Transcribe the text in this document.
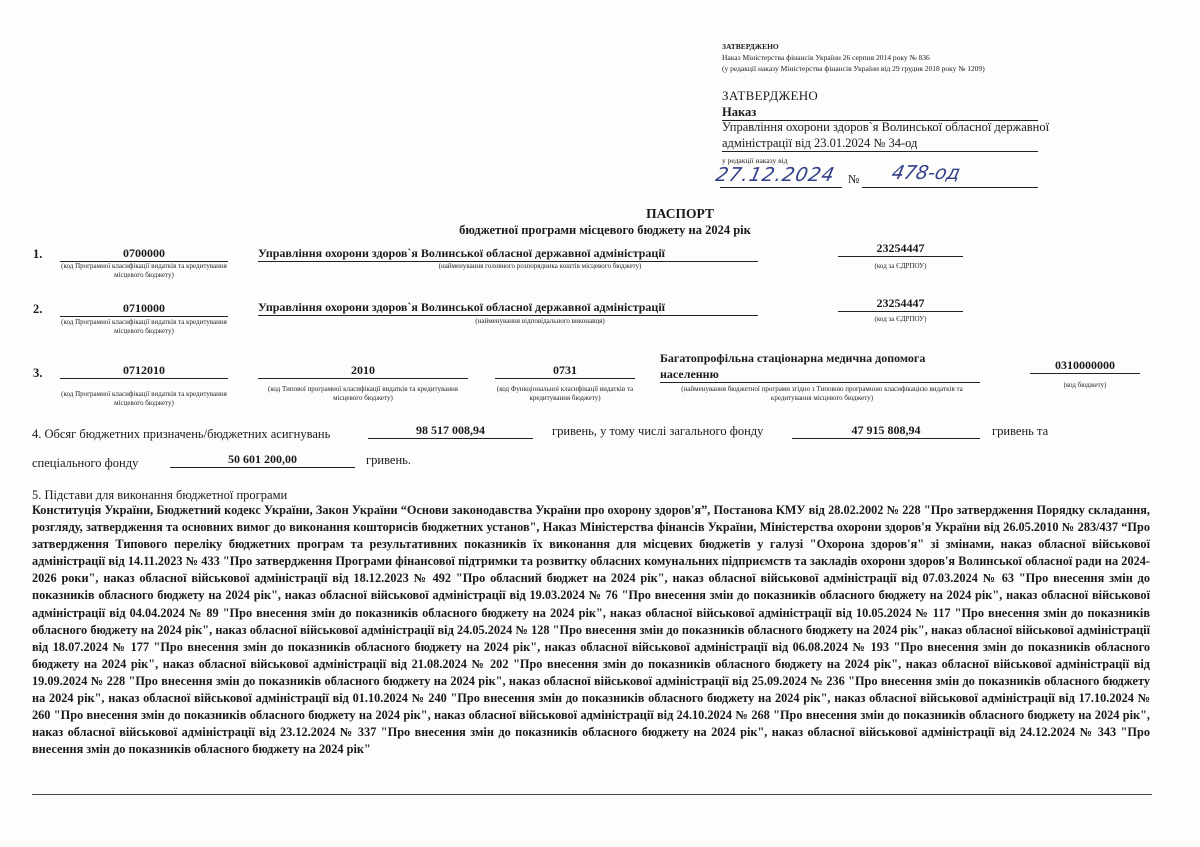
ЗАТВЕРДЖЕНО
Наказ Міністерства фінансів України 26 серпня 2014 року № 836
(у редакції наказу Міністерства фінансів України від 29 грудня 2018 року № 1209)
ЗАТВЕРДЖЕНО
Наказ
Управління охорони здоров`я Волинської обласної державної
адміністрації від 23.01.2024 № 34-од
у редакції наказу від
27.12.2024 №	478-од
ПАСПОРТ
бюджетної програми місцевого бюджету на 2024 рік
1.	0700000
(код Програмної класифікації видатків та кредитування місцевого бюджету)
Управління охорони здоров`я Волинської обласної державної адміністрації
(найменування головного розпорядника коштів місцевого бюджету)
23254447
(код за ЄДРПОУ)
2.	0710000
(код Програмної класифікації видатків та кредитування місцевого бюджету)
Управління охорони здоров`я Волинської обласної державної адміністрації
(найменування відповідального виконавця)
23254447
(код за ЄДРПОУ)
3.	0712010
(код Програмної класифікації видатків та кредитування місцевого бюджету)
2010
(код Типової програмної класифікації видатків та кредитування місцевого бюджету)
0731
(код Функціональної класифікації видатків та кредитування бюджету)
Багатопрофільна стаціонарна медична допомога
населенню
(найменування бюджетної програми згідно з Типовою програмною класифікацією видатків та кредитування місцевого бюджету)
0310000000
(код бюджету)
4. Обсяг бюджетних призначень/бюджетних асигнувань	98 517 008,94	гривень, у тому числі загального фонду	47 915 808,94	гривень та
спеціального фонду	50 601 200,00	гривень.
5. Підстави для виконання бюджетної програми
Конституція України, Бюджетний кодекс України, Закон України “Основи законодавства України про охорону здоров'я”, Постанова КМУ від 28.02.2002 № 228 "Про затвердження Порядку складання, розгляду, затвердження та основних вимог до виконання кошторисів бюджетних установ", Наказ Міністерства фінансів України, Міністерства охорони здоров'я України від 26.05.2010 № 283/437 “Про затвердження Типового переліку бюджетних програм та результативних показників їх виконання для місцевих бюджетів у галузі "Охорона здоров'я" зі змінами, наказ обласної військової адміністрації від 14.11.2023 № 433 "Про затвердження Програми фінансової підтримки та розвитку обласних комунальних підприємств та закладів охорони здоров'я Волинської обласної ради на 2024-2026 роки", наказ обласної військової адміністрації від 18.12.2023 № 492 "Про обласний бюджет на 2024 рік", наказ обласної військової адміністрації від 07.03.2024 № 63 "Про внесення змін до показників обласного бюджету на 2024 рік", наказ обласної військової адміністрації від 19.03.2024 № 76 "Про внесення змін до показників обласного бюджету на 2024 рік", наказ обласної військової адміністрації від 04.04.2024 № 89 "Про внесення змін до показників обласного бюджету на 2024 рік", наказ обласної військової адміністрації від 10.05.2024 № 117 "Про внесення змін до показників обласного бюджету на 2024 рік", наказ обласної військової адміністрації від 24.05.2024 № 128 "Про внесення змін до показників обласного бюджету на 2024 рік", наказ обласної військової адміністрації від 18.07.2024 № 177 "Про внесення змін до показників обласного бюджету на 2024 рік", наказ обласної військової адміністрації від 06.08.2024 № 193 "Про внесення змін до показників обласного бюджету на 2024 рік", наказ обласної військової адміністрації від 21.08.2024 № 202 "Про внесення змін до показників обласного бюджету на 2024 рік", наказ обласної військової адміністрації від 19.09.2024 № 228 "Про внесення змін до показників обласного бюджету на 2024 рік", наказ обласної військової адміністрації від 25.09.2024 № 236 "Про внесення змін до показників обласного бюджету на 2024 рік", наказ обласної військової адміністрації від 01.10.2024 № 240 "Про внесення змін до показників обласного бюджету на 2024 рік", наказ обласної військової адміністрації від 17.10.2024 № 260 "Про внесення змін до показників обласного бюджету на 2024 рік", наказ обласної військової адміністрації від 24.10.2024 № 268 "Про внесення змін до показників обласного бюджету на 2024 рік", наказ обласної військової адміністрації від 23.12.2024 № 337 "Про внесення змін до показників обласного бюджету на 2024 рік", наказ обласної військової адміністрації від 24.12.2024 № 343 "Про внесення змін до показників обласного бюджету на 2024 рік"
